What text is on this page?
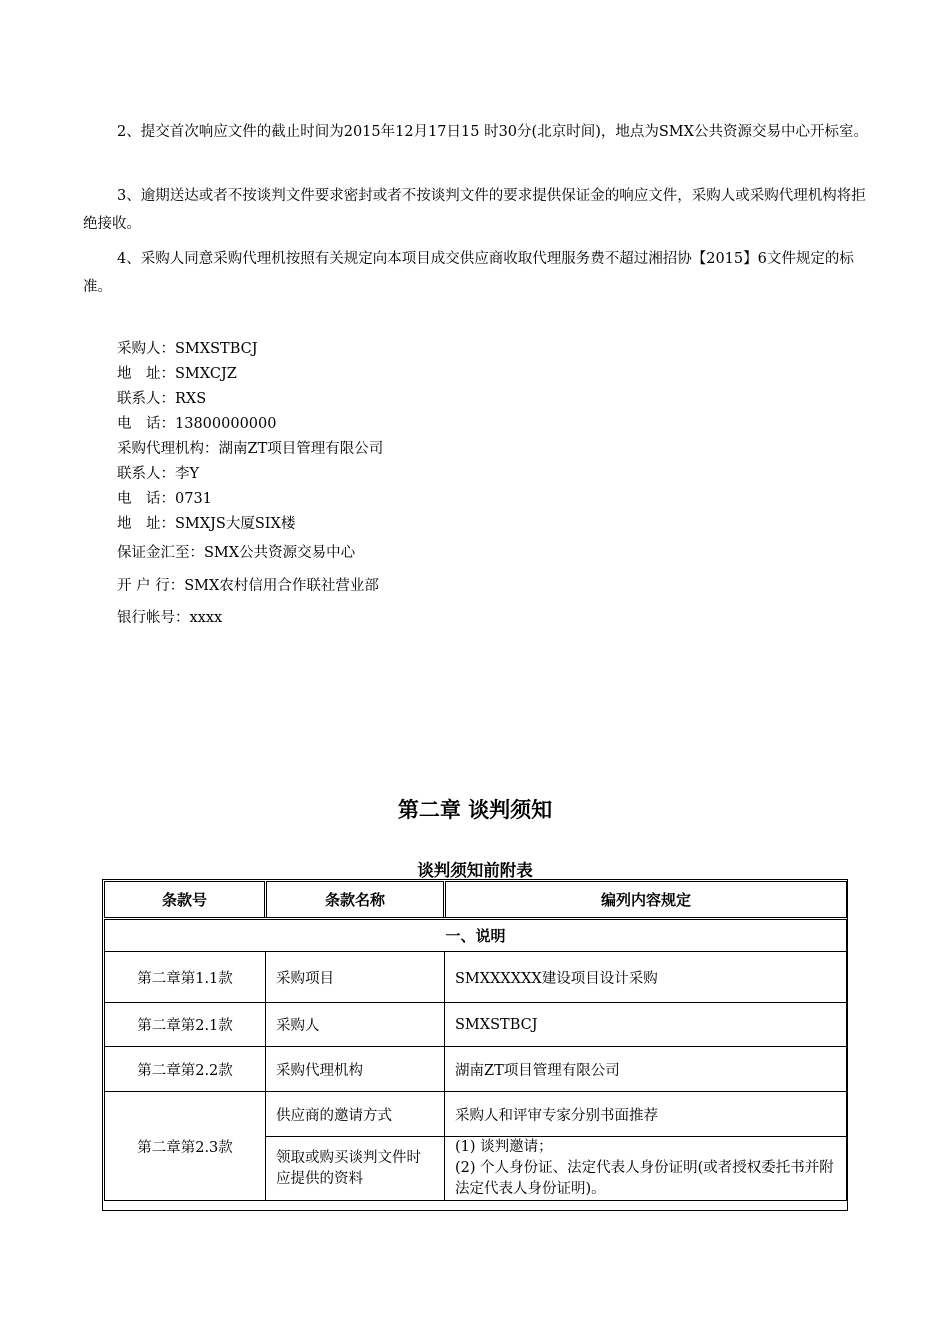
2、提交首次响应文件的截止时间为2015年12月17日15 时30分(北京时间)，地点为SMX公共资源交易中心开标室。
3、逾期送达或者不按谈判文件要求密封或者不按谈判文件的要求提供保证金的响应文件，采购人或采购代理机构将拒绝接收。
4、采购人同意采购代理机按照有关规定向本项目成交供应商收取代理服务费不超过湘招协【2015】6文件规定的标准。
采购人：SMXSTBCJ
地　址：SMXCJZ
联系人：RXS
电　话：13800000000
采购代理机构：湖南ZT项目管理有限公司
联系人：李Y
电　话：0731
地　址：SMXJS大厦SIX楼
保证金汇至：SMX公共资源交易中心
开 户 行：SMX农村信用合作联社营业部
银行帐号：xxxx
第二章 谈判须知
谈判须知前附表
条款号	条款名称	编列内容规定
一、说明		
第二章第1.1款	采购项目	SMXXXXXX建设项目设计采购
第二章第2.1款	采购人	SMXSTBCJ
第二章第2.2款	采购代理机构	湖南ZT项目管理有限公司
第二章第2.3款	供应商的邀请方式	采购人和评审专家分别书面推荐
	领取或购买谈判文件时应提供的资料	(1) 谈判邀请；
(2) 个人身份证、法定代表人身份证明(或者授权委托书并附法定代表人身份证明)。
